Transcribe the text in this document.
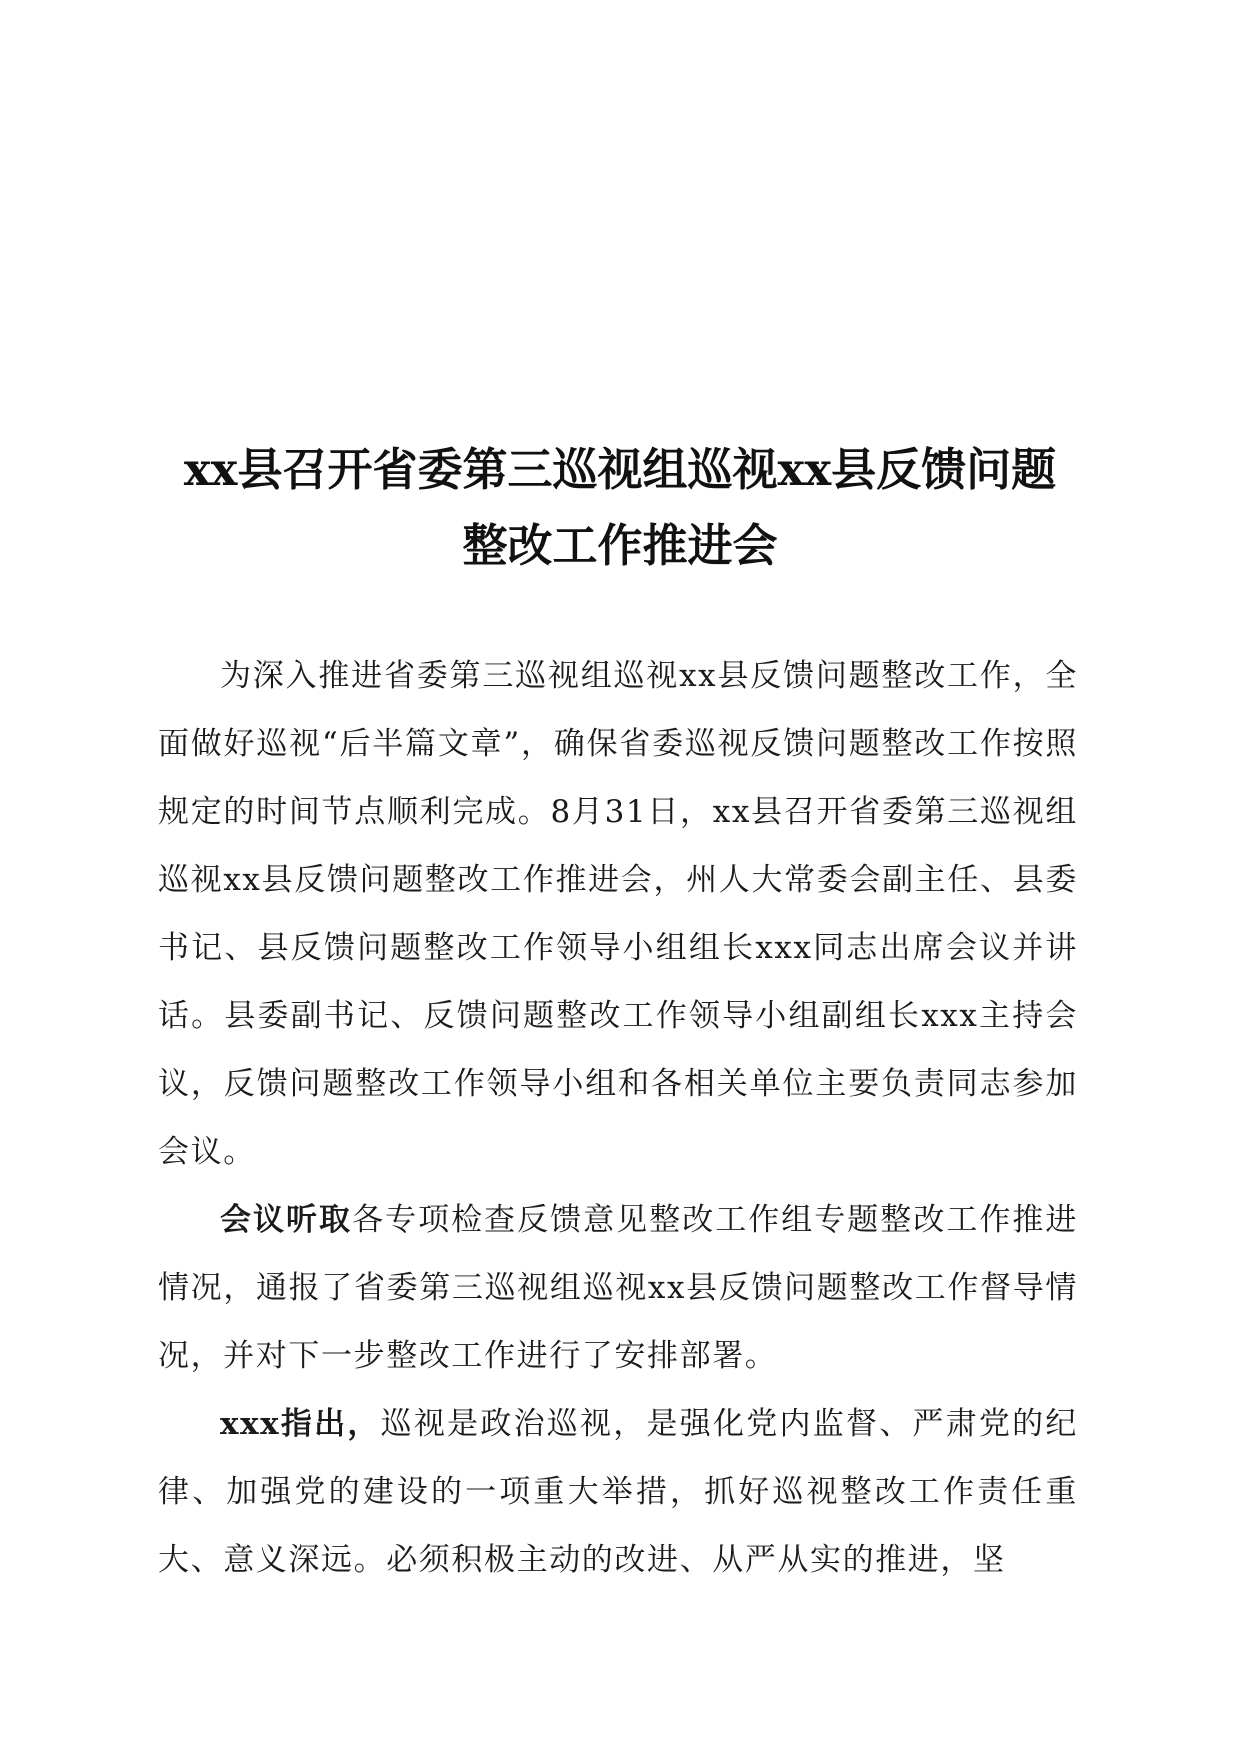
xx县召开省委第三巡视组巡视xx县反馈问题
整改工作推进会

为深入推进省委第三巡视组巡视xx县反馈问题整改工作，全面做好巡视“后半篇文章”，确保省委巡视反馈问题整改工作按照规定的时间节点顺利完成。8月31日，xx县召开省委第三巡视组巡视xx县反馈问题整改工作推进会，州人大常委会副主任、县委书记、县反馈问题整改工作领导小组组长xxx同志出席会议并讲话。县委副书记、反馈问题整改工作领导小组副组长xxx主持会议，反馈问题整改工作领导小组和各相关单位主要负责同志参加会议。

会议听取各专项检查反馈意见整改工作组专题整改工作推进情况，通报了省委第三巡视组巡视xx县反馈问题整改工作督导情况，并对下一步整改工作进行了安排部署。

xxx指出，巡视是政治巡视，是强化党内监督、严肃党的纪律、加强党的建设的一项重大举措，抓好巡视整改工作责任重大、意义深远。必须积极主动的改进、从严从实的推进，坚
